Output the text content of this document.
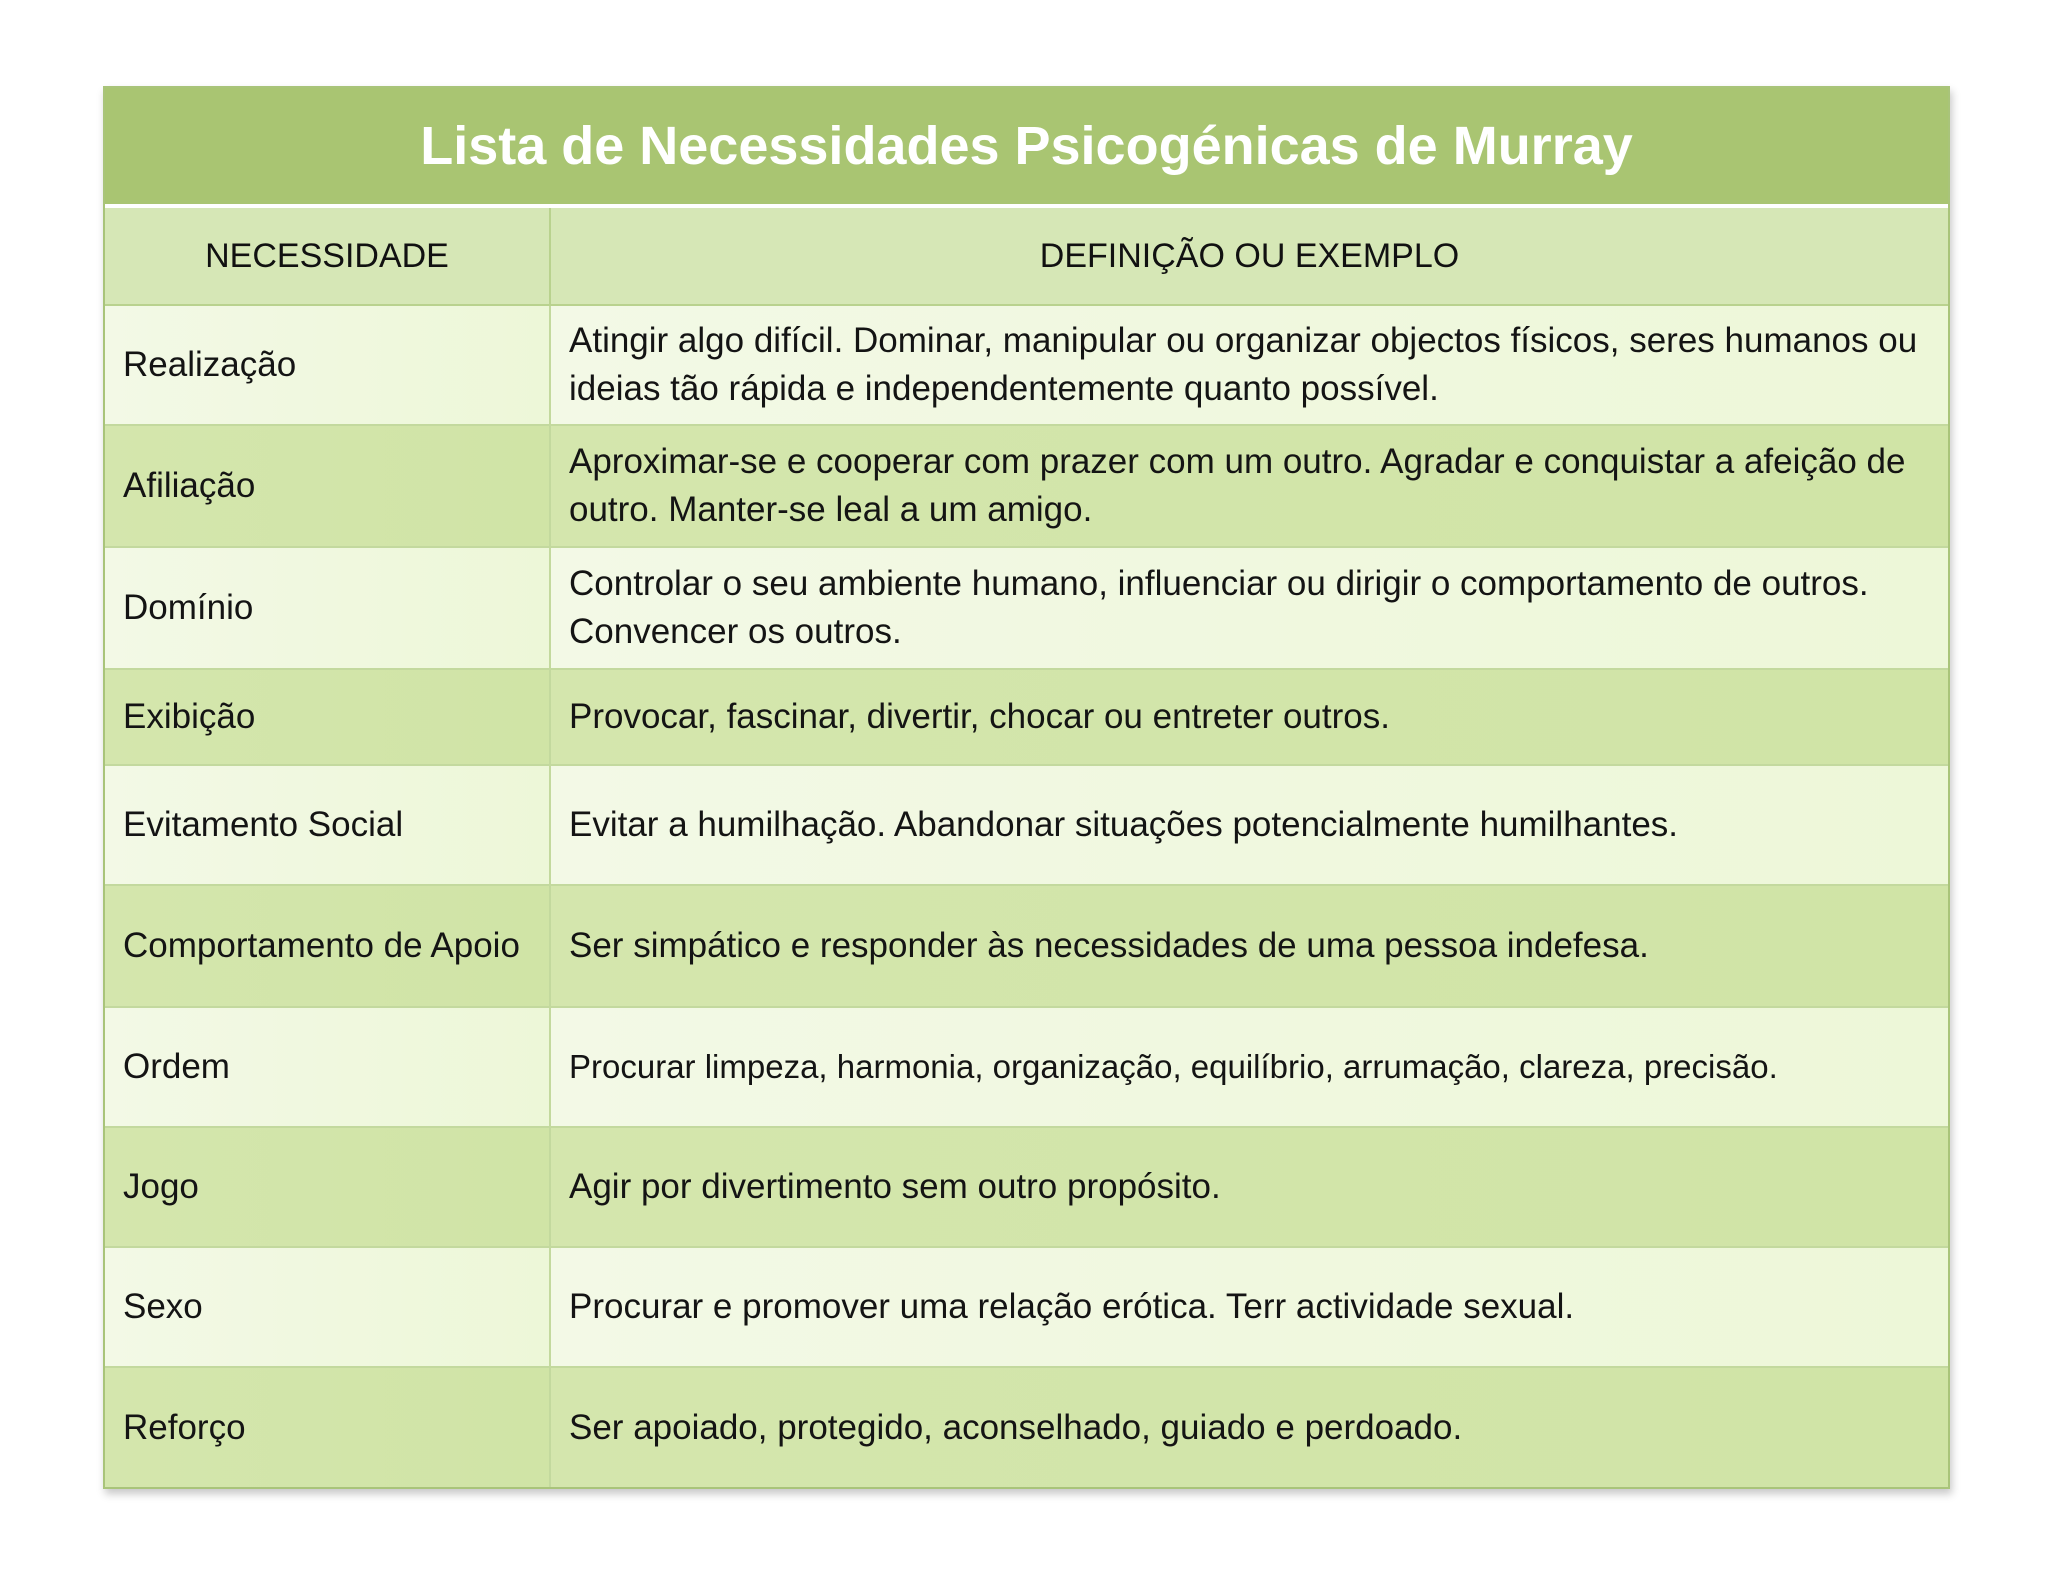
Lista de Necessidades Psicogénicas de Murray	
NECESSIDADE	DEFINIÇÃO OU EXEMPLO
Realização	Atingir algo difícil. Dominar, manipular ou organizar objectos físicos, seres humanos ou ideias tão rápida e independentemente quanto possível.
Afiliação	Aproximar-se e cooperar com prazer com um outro. Agradar e conquistar a afeição de outro. Manter-se leal a um amigo.
Domínio	Controlar o seu ambiente humano, influenciar ou dirigir o comportamento de outros. Convencer os outros.
Exibição	Provocar, fascinar, divertir, chocar ou entreter outros.
Evitamento Social	Evitar a humilhação. Abandonar situações potencialmente humilhantes.
Comportamento de Apoio	Ser simpático e responder às necessidades de uma pessoa indefesa.
Ordem	Procurar limpeza, harmonia, organização, equilíbrio, arrumação, clareza, precisão.
Jogo	Agir por divertimento sem outro propósito.
Sexo	Procurar e promover uma relação erótica. Terr actividade sexual.
Reforço	Ser apoiado, protegido, aconselhado, guiado e perdoado.
